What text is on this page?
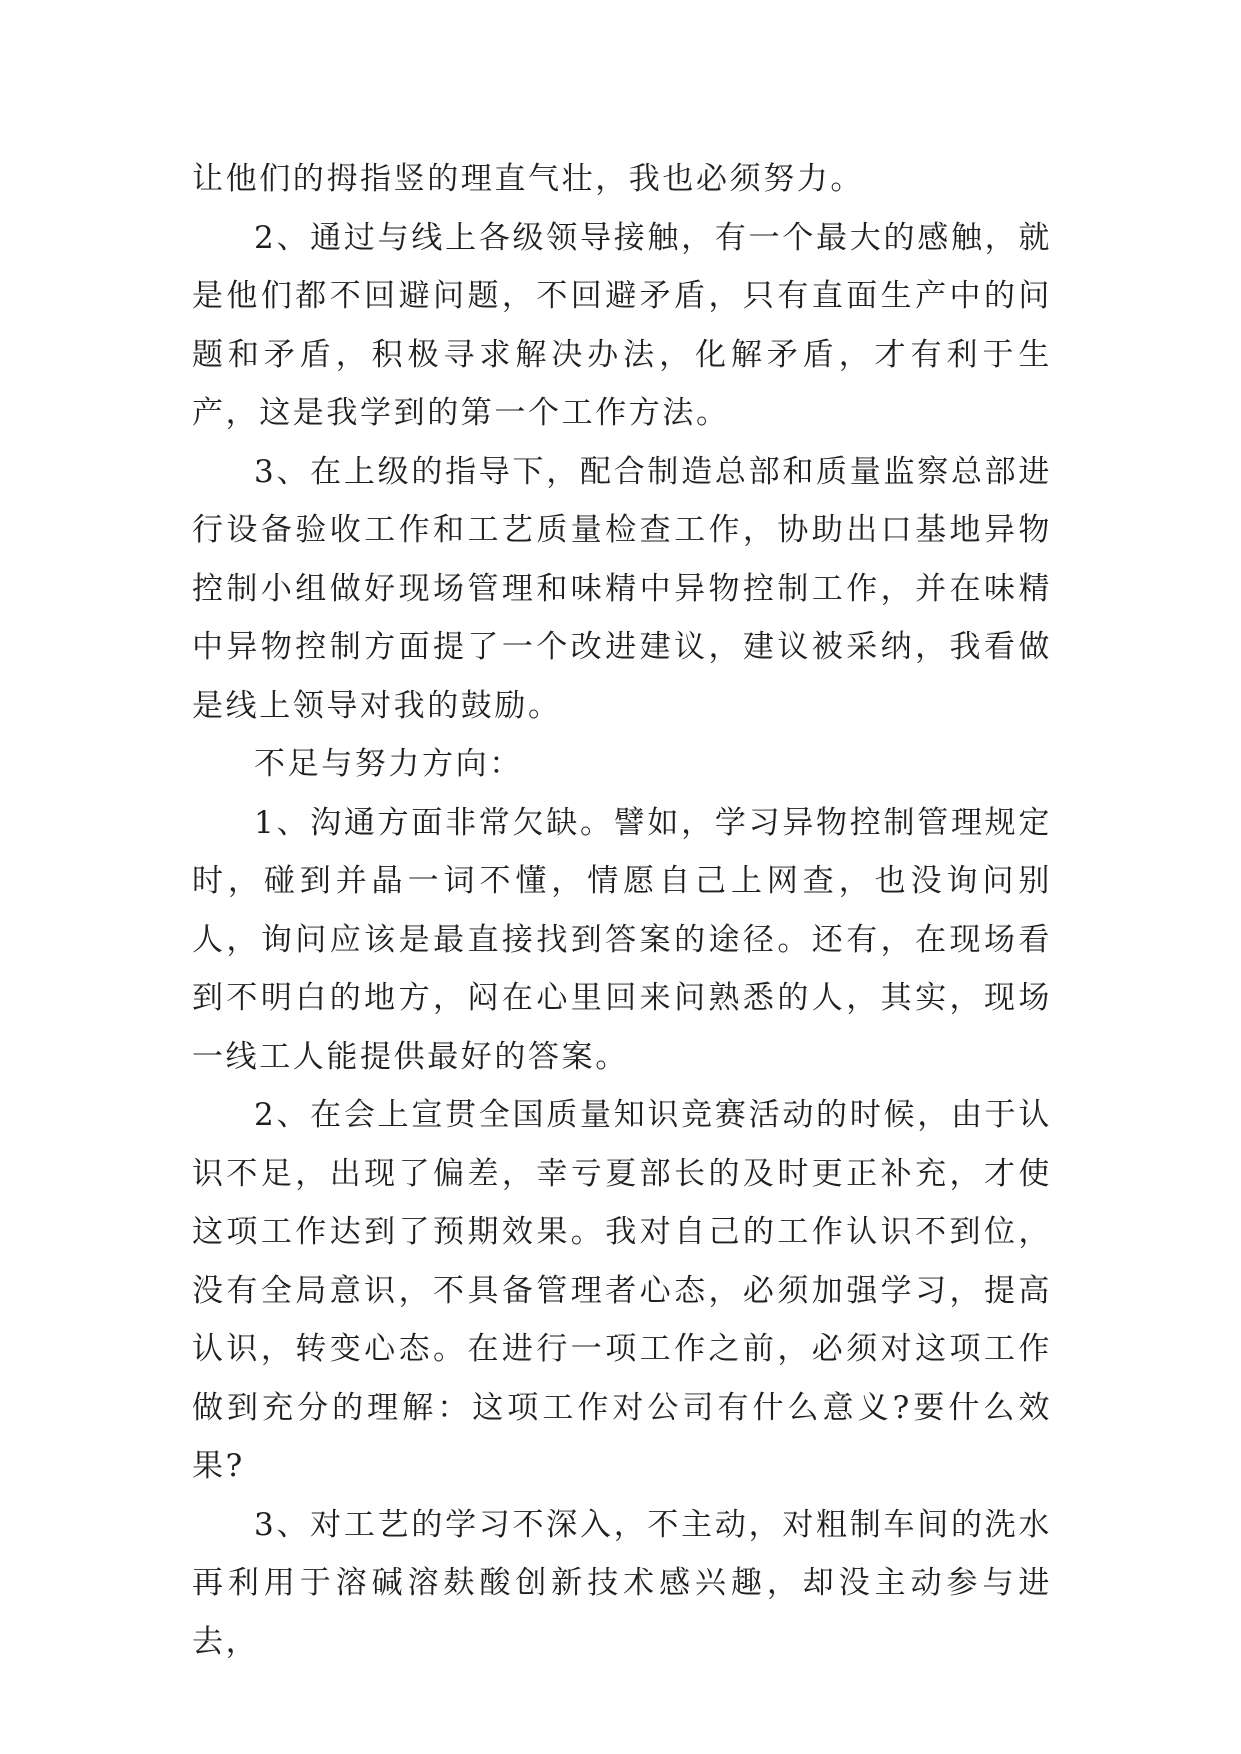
让他们的拇指竖的理直气壮，我也必须努力。

2、通过与线上各级领导接触，有一个最大的感触，就是他们都不回避问题，不回避矛盾，只有直面生产中的问题和矛盾，积极寻求解决办法，化解矛盾，才有利于生产，这是我学到的第一个工作方法。

3、在上级的指导下，配合制造总部和质量监察总部进行设备验收工作和工艺质量检查工作，协助出口基地异物控制小组做好现场管理和味精中异物控制工作，并在味精中异物控制方面提了一个改进建议，建议被采纳，我看做是线上领导对我的鼓励。

不足与努力方向：

1、沟通方面非常欠缺。譬如，学习异物控制管理规定时，碰到并晶一词不懂，情愿自己上网查，也没询问别人，询问应该是最直接找到答案的途径。还有，在现场看到不明白的地方，闷在心里回来问熟悉的人，其实，现场一线工人能提供最好的答案。

2、在会上宣贯全国质量知识竞赛活动的时候，由于认识不足，出现了偏差，幸亏夏部长的及时更正补充，才使这项工作达到了预期效果。我对自己的工作认识不到位，没有全局意识，不具备管理者心态，必须加强学习，提高认识，转变心态。在进行一项工作之前，必须对这项工作做到充分的理解：这项工作对公司有什么意义?要什么效果?

3、对工艺的学习不深入，不主动，对粗制车间的洗水再利用于溶碱溶麸酸创新技术感兴趣，却没主动参与进去，
